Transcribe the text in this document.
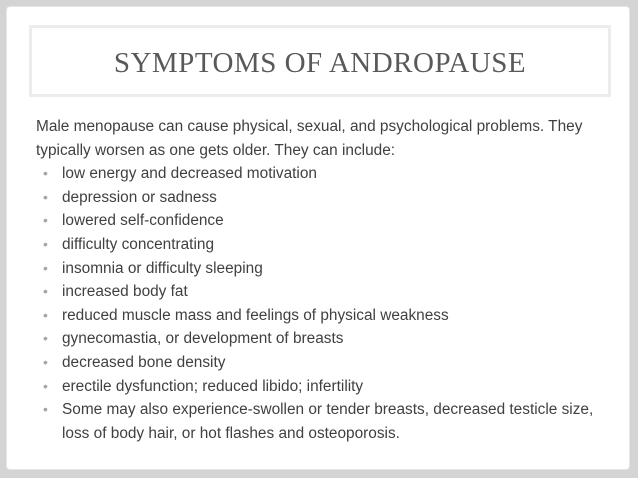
SYMPTOMS OF ANDROPAUSE

Male menopause can cause physical, sexual, and psychological problems. They typically worsen as one gets older. They can include:

• low energy and decreased motivation
• depression or sadness
• lowered self-confidence
• difficulty concentrating
• insomnia or difficulty sleeping
• increased body fat
• reduced muscle mass and feelings of physical weakness
• gynecomastia, or development of breasts
• decreased bone density
• erectile dysfunction; reduced libido; infertility
• Some may also experience-swollen or tender breasts, decreased testicle size, loss of body hair, or hot flashes and osteoporosis.
